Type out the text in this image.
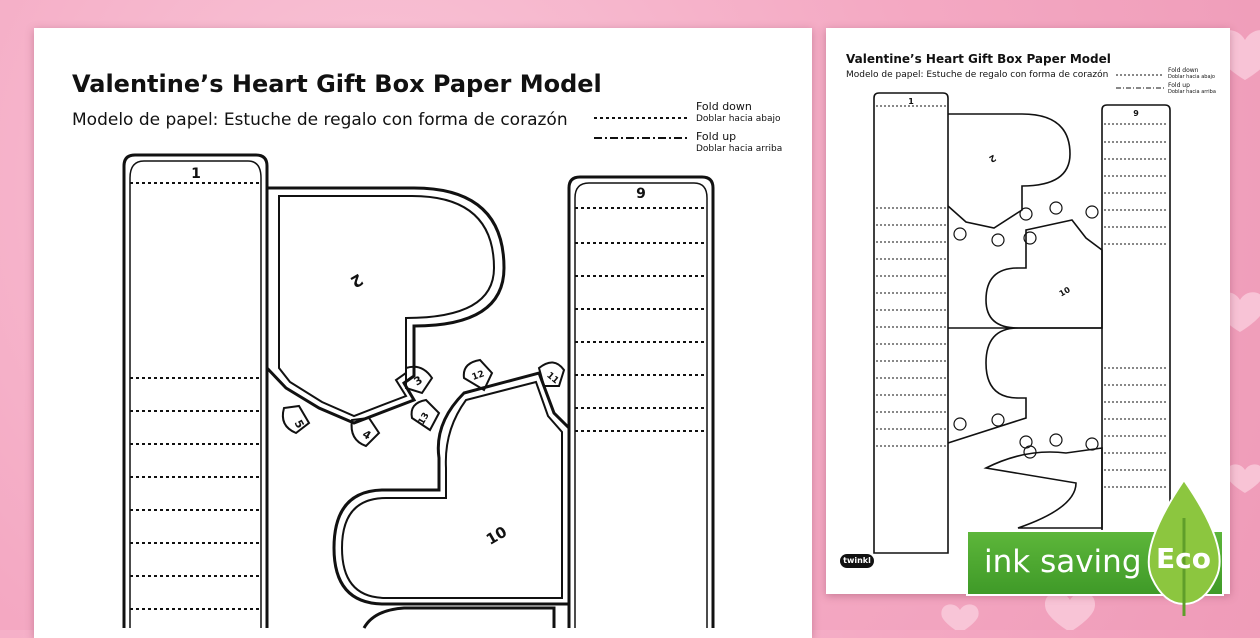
Valentine’s Heart Gift Box Paper Model
Modelo de papel: Estuche de regalo con forma de corazón
Fold down
Doblar hacia abajo
Fold up
Doblar hacia arriba
1
9
2
10
3
5
4
12	11
13
Valentine’s Heart Gift Box Paper Model
Modelo de papel: Estuche de regalo con forma de corazón	Fold down
Doblar hacia abajo
Fold up
Doblar hacia arriba
1
9
2
10
twinkl	ink saving Eco
